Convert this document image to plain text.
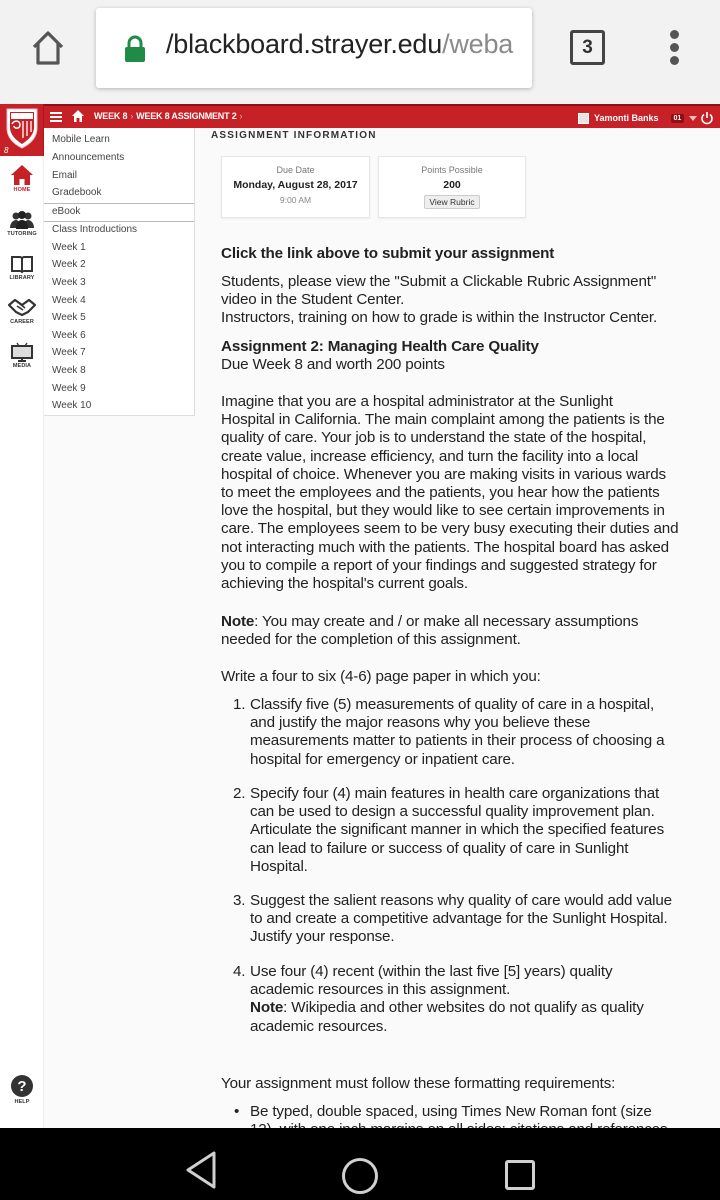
/blackboard.strayer.edu/weba	3
WEEK 8 › WEEK 8 ASSIGNMENT 2 ›	Yamonti Banks	01
8
HOME
TUTORING
LIBRARY
CAREER
MEDIA
?
HELP
Mobile Learn
Announcements
Email
Gradebook
eBook
Class Introductions
Week 1
Week 2
Week 3
Week 4
Week 5
Week 6
Week 7
Week 8
Week 9
Week 10
ASSIGNMENT INFORMATION
Due Date
Monday, August 28, 2017
9:00 AM
Points Possible
200
View Rubric
Click the link above to submit your assignment
Students, please view the "Submit a Clickable Rubric Assignment"
video in the Student Center.
Instructors, training on how to grade is within the Instructor Center.
Assignment 2: Managing Health Care Quality
Due Week 8 and worth 200 points
Imagine that you are a hospital administrator at the Sunlight
Hospital in California. The main complaint among the patients is the
quality of care. Your job is to understand the state of the hospital,
create value, increase efficiency, and turn the facility into a local
hospital of choice. Whenever you are making visits in various wards
to meet the employees and the patients, you hear how the patients
love the hospital, but they would like to see certain improvements in
care. The employees seem to be very busy executing their duties and
not interacting much with the patients. The hospital board has asked
you to compile a report of your findings and suggested strategy for
achieving the hospital's current goals.
Note: You may create and / or make all necessary assumptions
needed for the completion of this assignment.
Write a four to six (4-6) page paper in which you:
1. Classify five (5) measurements of quality of care in a hospital,
and justify the major reasons why you believe these
measurements matter to patients in their process of choosing a
hospital for emergency or inpatient care.
2. Specify four (4) main features in health care organizations that
can be used to design a successful quality improvement plan.
Articulate the significant manner in which the specified features
can lead to failure or success of quality of care in Sunlight
Hospital.
3. Suggest the salient reasons why quality of care would add value
to and create a competitive advantage for the Sunlight Hospital.
Justify your response.
4. Use four (4) recent (within the last five [5] years) quality
academic resources in this assignment.
Note: Wikipedia and other websites do not qualify as quality
academic resources.
Your assignment must follow these formatting requirements:
• Be typed, double spaced, using Times New Roman font (size
